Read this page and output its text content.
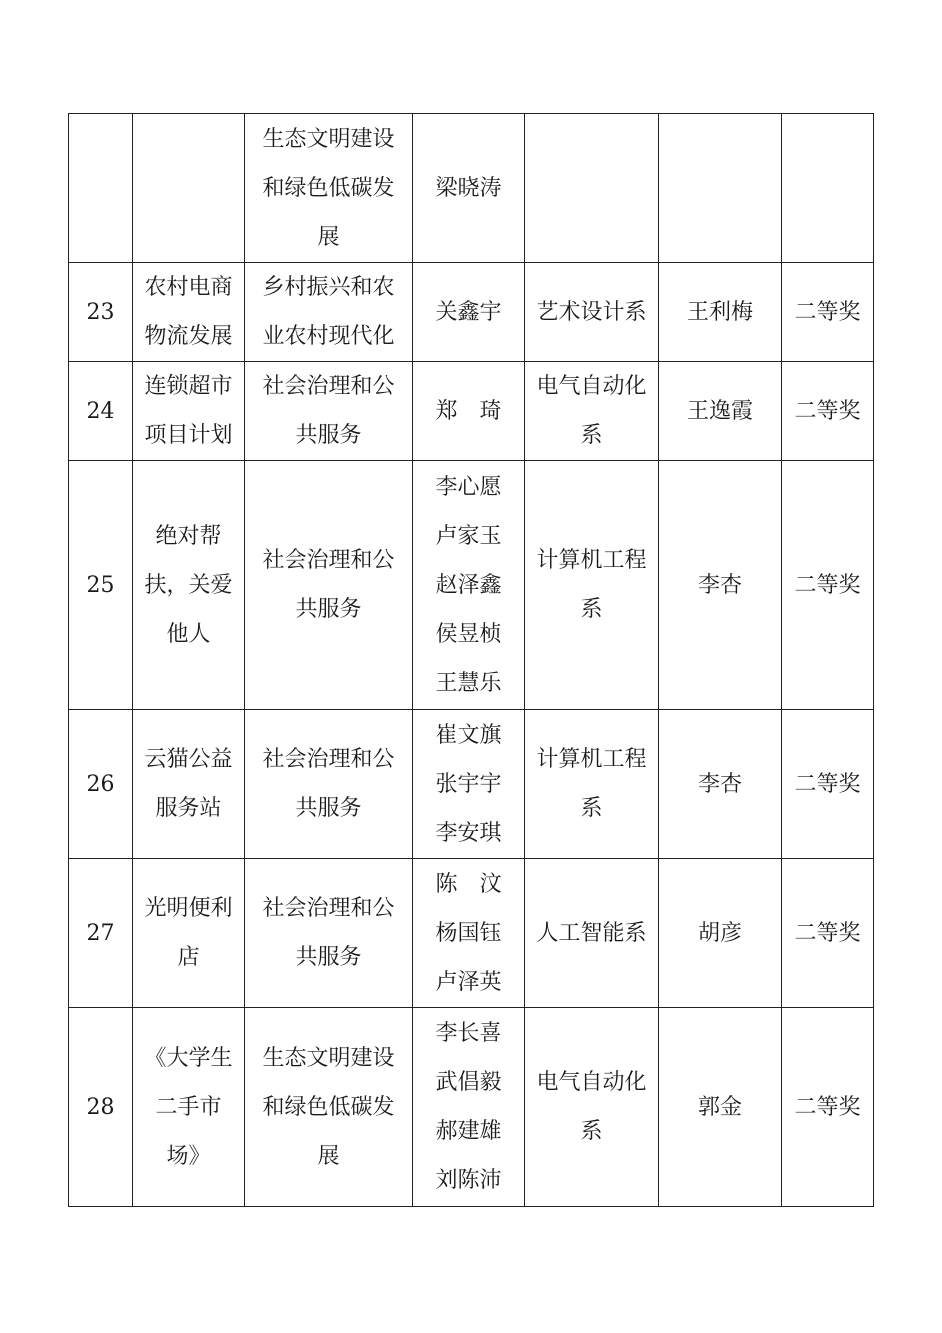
		生态文明建设
和绿色低碳发
展	梁晓涛			

23	农村电商
物流发展	乡村振兴和农
业农村现代化	关鑫宇	艺术设计系	王利梅	二等奖

24	连锁超市
项目计划	社会治理和公
共服务	郑　琦	电气自动化
系	王逸霞	二等奖

25	绝对帮
扶，关爱
他人	社会治理和公
共服务	李心愿
卢家玉
赵泽鑫
侯昱桢
王慧乐	计算机工程
系	李杏	二等奖

26	云猫公益
服务站	社会治理和公
共服务	崔文旗
张宇宇
李安琪	计算机工程
系	李杏	二等奖

27	光明便利
店	社会治理和公
共服务	陈　汶
杨国钰
卢泽英	人工智能系	胡彦	二等奖

28	《大学生
二手市
场》	生态文明建设
和绿色低碳发
展	李长喜
武倡毅
郝建雄
刘陈沛	电气自动化
系	郭金	二等奖
